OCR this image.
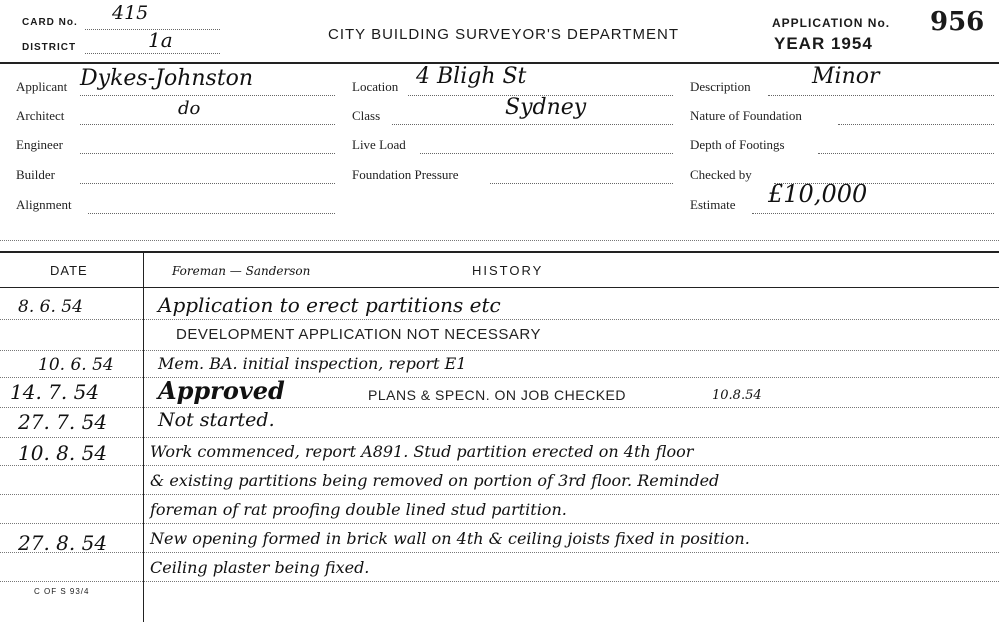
CARD No. 415
DISTRICT	1a	CITY BUILDING SURVEYOR'S DEPARTMENT
APPLICATION No. 956
YEAR 1954
Applicant Dykes-Johnston
Architect	do
Engineer
Builder
Alignment
Location 4 Bligh St
Class	Sydney
Live Load
Foundation Pressure
Description	Minor
Nature of Foundation
Depth of Footings
Checked by
Estimate £10,000
DATE	HISTORY
Foreman — Sanderson
8. 6. 54	Application to erect partitions etc
DEVELOPMENT APPLICATION NOT NECESSARY
10. 6. 54	Mem. BA. initial inspection, report E1
14. 7. 54 Approved	PLANS & SPECN. ON JOB CHECKED	10.8.54
27. 7. 54	Not started.
10. 8. 54	Work commenced, report A891. Stud partition erected on 4th floor
& existing partitions being removed on portion of 3rd floor. Reminded
foreman of rat proofing double lined stud partition.
27. 8. 54	New opening formed in brick wall on 4th & ceiling joists fixed in position.
Ceiling plaster being fixed.
C OF S 93/4
